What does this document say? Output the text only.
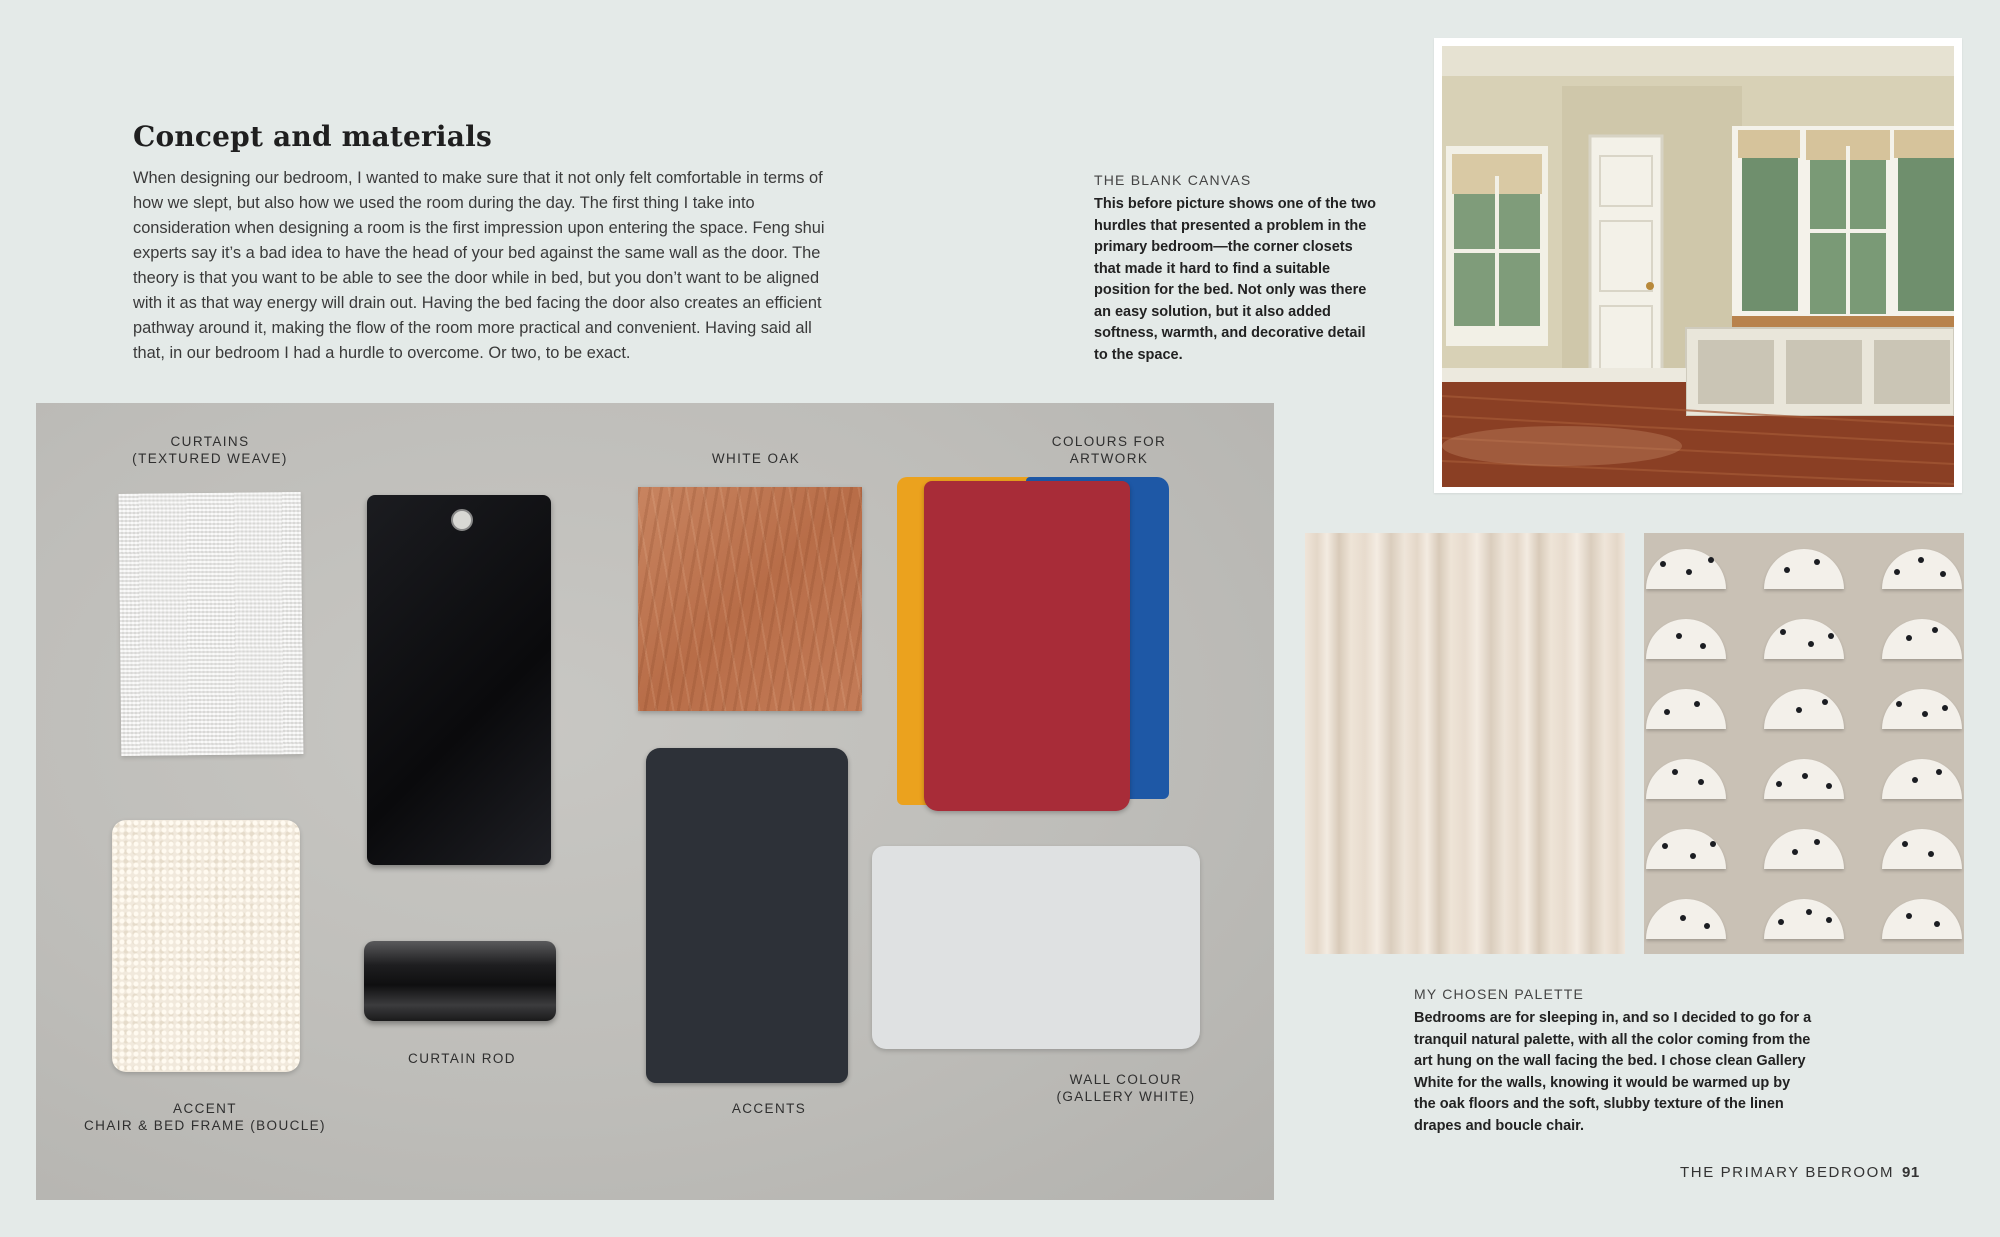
Concept and materials

When designing our bedroom, I wanted to make sure that it not only felt comfortable in terms of how we slept, but also how we used the room during the day. The first thing I take into consideration when designing a room is the first impression upon entering the space. Feng shui experts say it’s a bad idea to have the head of your bed against the same wall as the door. The theory is that you want to be able to see the door while in bed, but you don’t want to be aligned with it as that way energy will drain out. Having the bed facing the door also creates an efficient pathway around it, making the flow of the room more practical and convenient. Having said all that, in our bedroom I had a hurdle to overcome. Or two, to be exact.

THE BLANK CANVAS
This before picture shows one of the two hurdles that presented a problem in the primary bedroom—the corner closets that made it hard to find a suitable position for the bed. Not only was there an easy solution, but it also added softness, warmth, and decorative detail to the space.
CURTAINS
(TEXTURED WEAVE)	WHITE OAK
COLOURS FOR
ARTWORK
CURTAIN ROD
ACCENT
CHAIR & BED FRAME (BOUCLE)
ACCENTS
WALL COLOUR
(GALLERY WHITE)
MY CHOSEN PALETTE
Bedrooms are for sleeping in, and so I decided to go for a tranquil natural palette, with all the color coming from the art hung on the wall facing the bed. I chose clean Gallery White for the walls, knowing it would be warmed up by the oak floors and the soft, slubby texture of the linen drapes and boucle chair.
THE PRIMARY BEDROOM 91
